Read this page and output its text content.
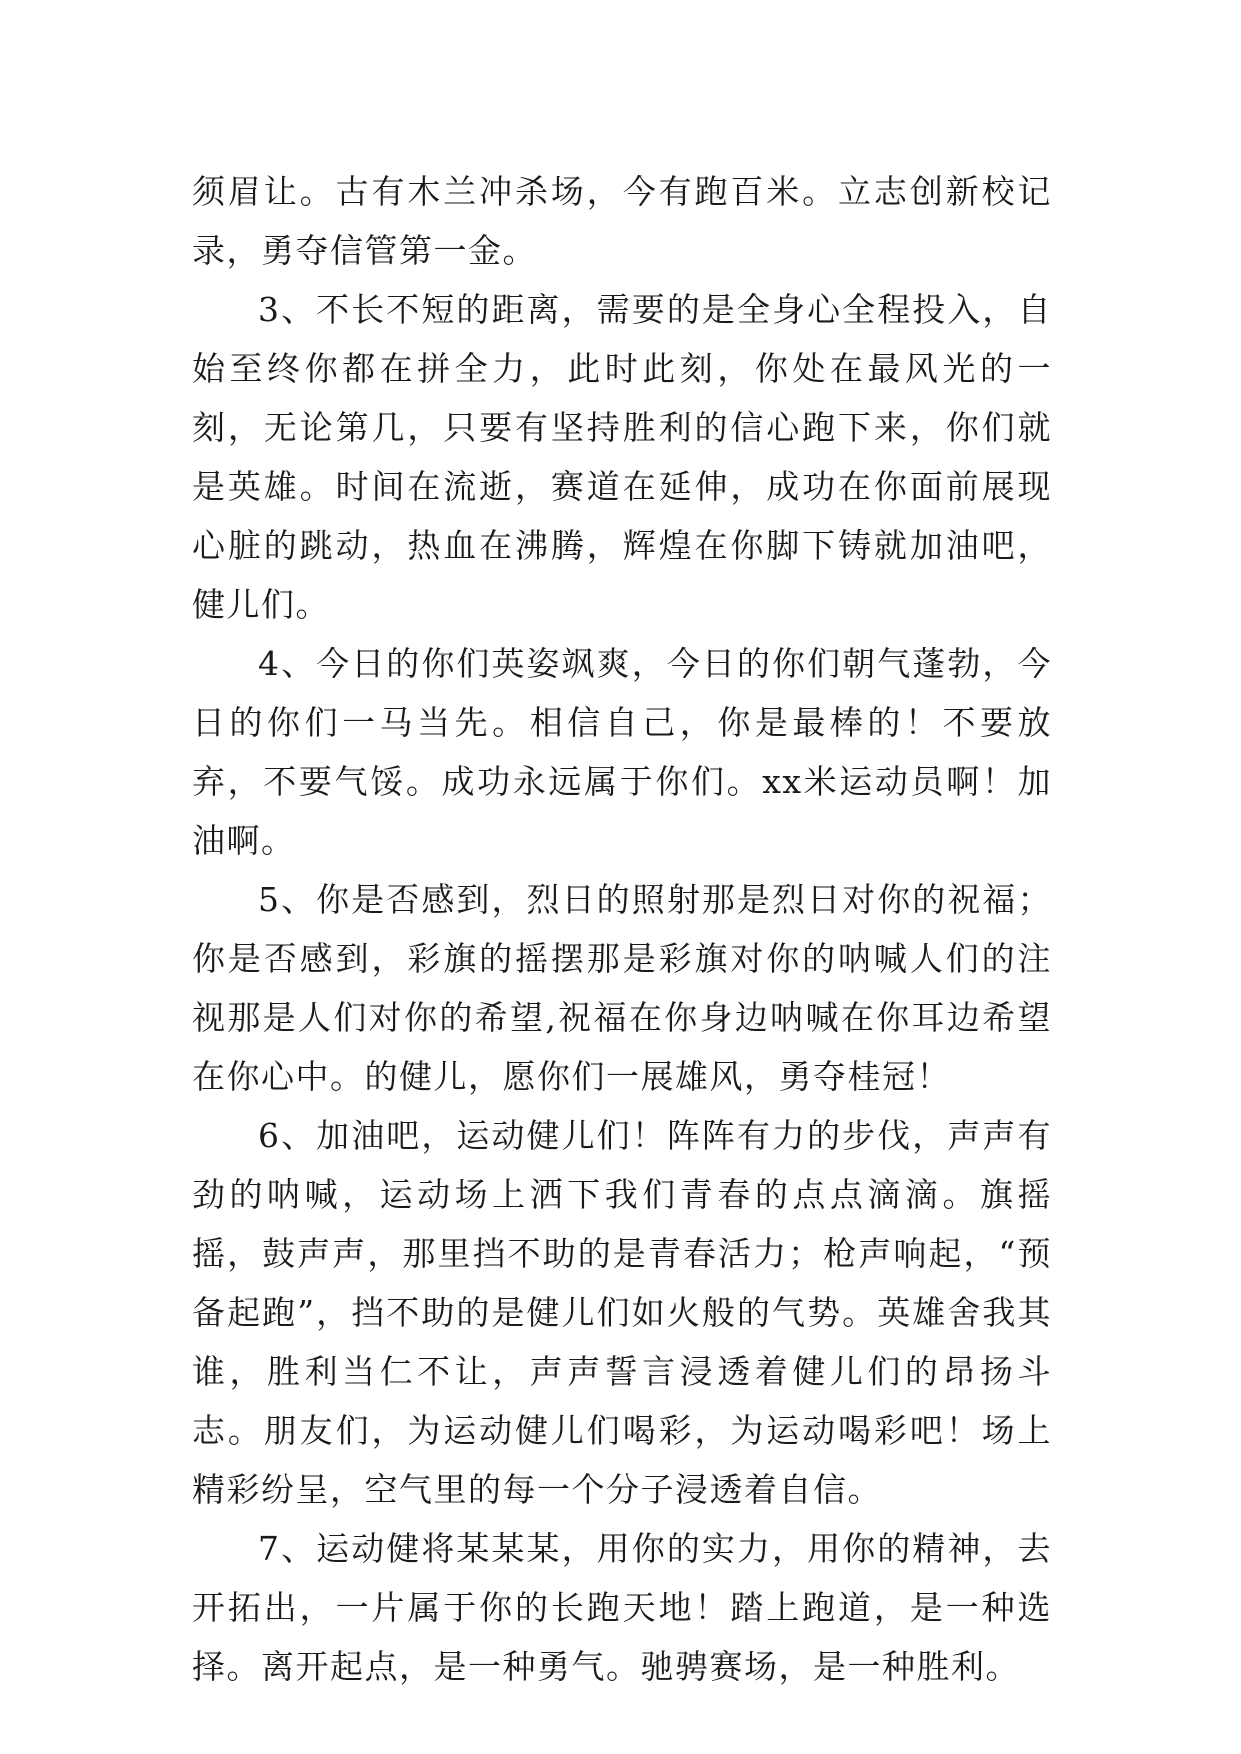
须眉让。古有木兰冲杀场，今有跑百米。立志创新校记录，勇夺信管第一金。

3、不长不短的距离，需要的是全身心全程投入，自始至终你都在拼全力，此时此刻，你处在最风光的一刻，无论第几，只要有坚持胜利的信心跑下来，你们就是英雄。时间在流逝，赛道在延伸，成功在你面前展现心脏的跳动，热血在沸腾，辉煌在你脚下铸就加油吧，健儿们。

4、今日的你们英姿飒爽，今日的你们朝气蓬勃，今日的你们一马当先。相信自己，你是最棒的！不要放弃，不要气馁。成功永远属于你们。xx米运动员啊！加油啊。

5、你是否感到，烈日的照射那是烈日对你的祝福；你是否感到，彩旗的摇摆那是彩旗对你的呐喊人们的注视那是人们对你的希望,祝福在你身边呐喊在你耳边希望在你心中。的健儿，愿你们一展雄风，勇夺桂冠！

6、加油吧，运动健儿们！阵阵有力的步伐，声声有劲的呐喊，运动场上洒下我们青春的点点滴滴。旗摇摇，鼓声声，那里挡不助的是青春活力；枪声响起，“预备起跑”，挡不助的是健儿们如火般的气势。英雄舍我其谁，胜利当仁不让，声声誓言浸透着健儿们的昂扬斗志。朋友们，为运动健儿们喝彩，为运动喝彩吧！场上精彩纷呈，空气里的每一个分子浸透着自信。

7、运动健将某某某，用你的实力，用你的精神，去开拓出，一片属于你的长跑天地！踏上跑道，是一种选择。离开起点，是一种勇气。驰骋赛场，是一种胜利。
